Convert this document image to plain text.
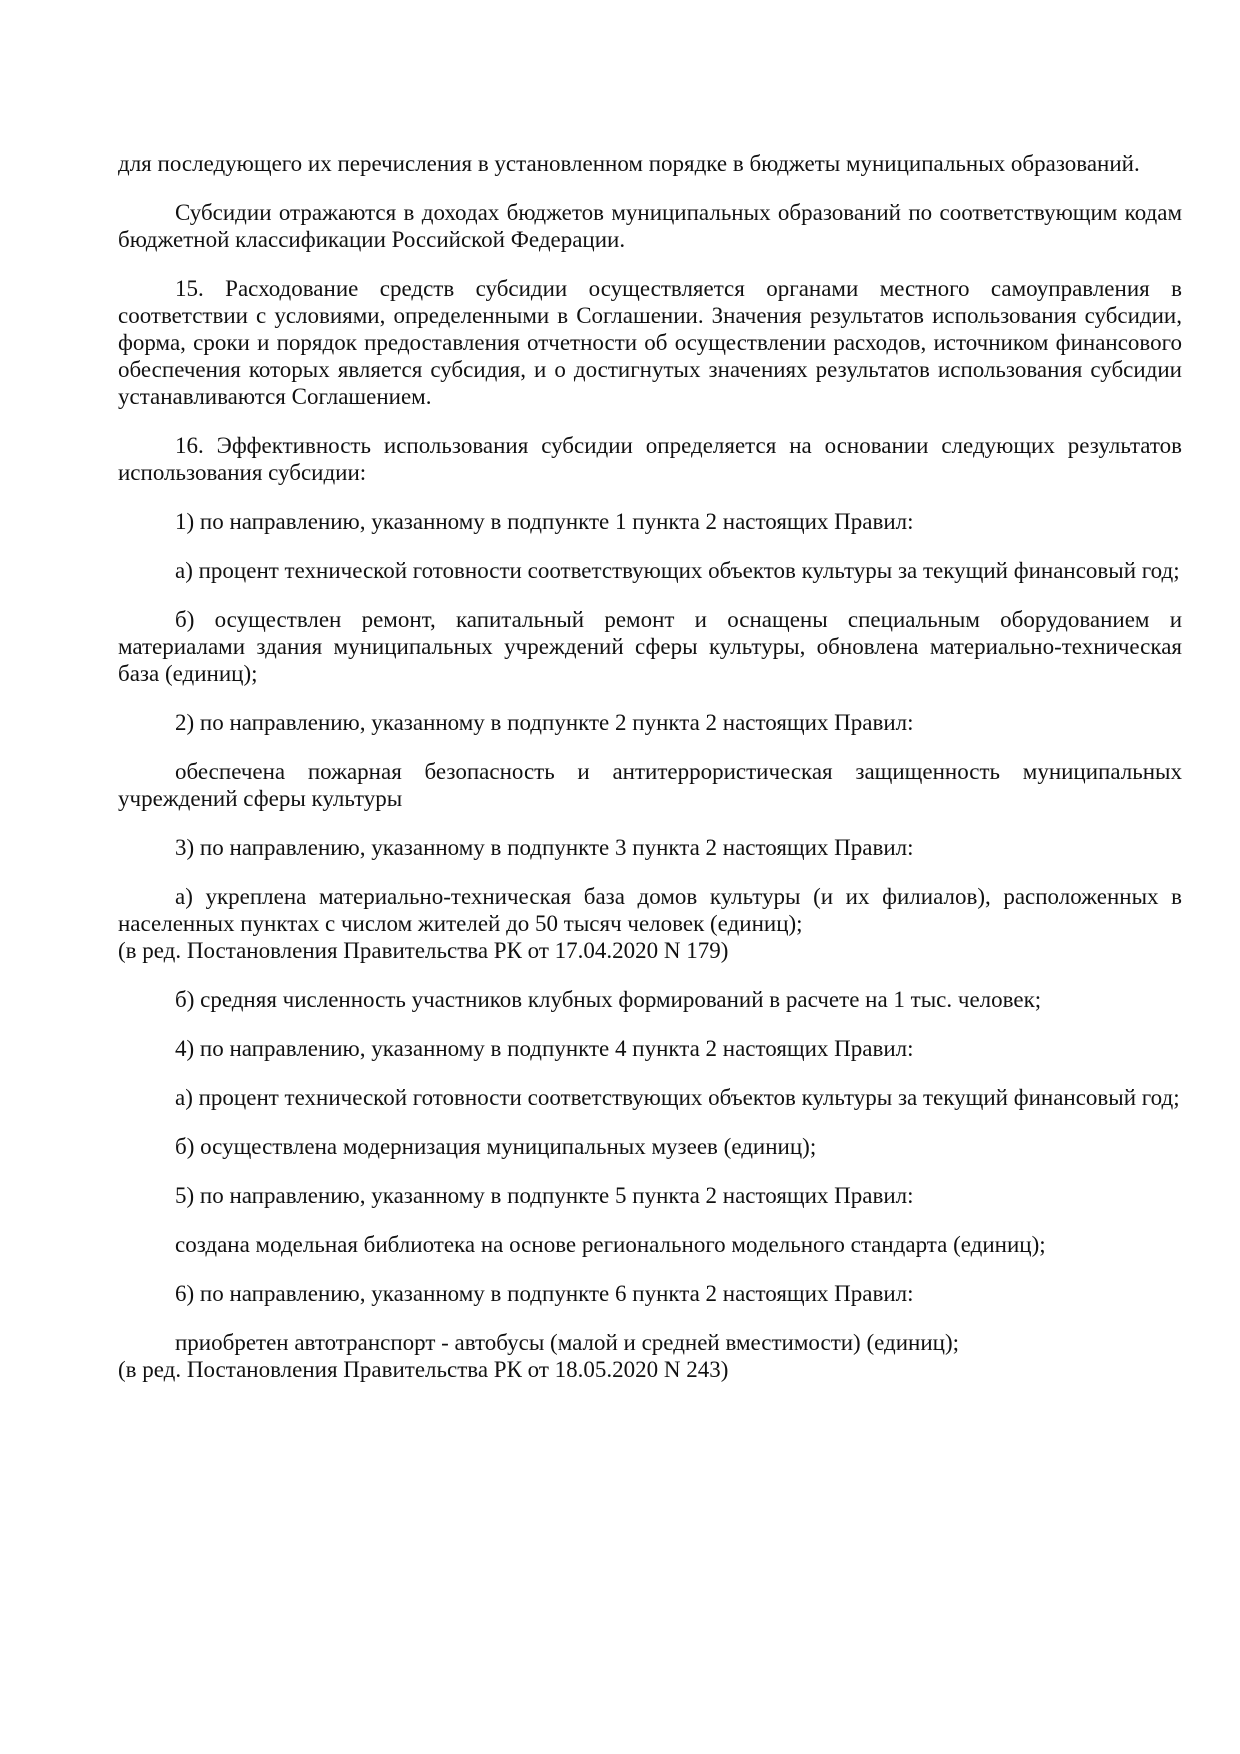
для последующего их перечисления в установленном порядке в бюджеты муниципальных образований.

Субсидии отражаются в доходах бюджетов муниципальных образований по соответствующим кодам бюджетной классификации Российской Федерации.

15. Расходование средств субсидии осуществляется органами местного самоуправления в соответствии с условиями, определенными в Соглашении. Значения результатов использования субсидии, форма, сроки и порядок предоставления отчетности об осуществлении расходов, источником финансового обеспечения которых является субсидия, и о достигнутых значениях результатов использования субсидии устанавливаются Соглашением.

16. Эффективность использования субсидии определяется на основании следующих результатов использования субсидии:

1) по направлению, указанному в подпункте 1 пункта 2 настоящих Правил:

а) процент технической готовности соответствующих объектов культуры за текущий финансовый год;

б) осуществлен ремонт, капитальный ремонт и оснащены специальным оборудованием и материалами здания муниципальных учреждений сферы культуры, обновлена материально-техническая база (единиц);

2) по направлению, указанному в подпункте 2 пункта 2 настоящих Правил:

обеспечена пожарная безопасность и антитеррористическая защищенность муниципальных учреждений сферы культуры

3) по направлению, указанному в подпункте 3 пункта 2 настоящих Правил:

а) укреплена материально-техническая база домов культуры (и их филиалов), расположенных в населенных пунктах с числом жителей до 50 тысяч человек (единиц);
(в ред. Постановления Правительства РК от 17.04.2020 N 179)

б) средняя численность участников клубных формирований в расчете на 1 тыс. человек;

4) по направлению, указанному в подпункте 4 пункта 2 настоящих Правил:

а) процент технической готовности соответствующих объектов культуры за текущий финансовый год;

б) осуществлена модернизация муниципальных музеев (единиц);

5) по направлению, указанному в подпункте 5 пункта 2 настоящих Правил:

создана модельная библиотека на основе регионального модельного стандарта (единиц);

6) по направлению, указанному в подпункте 6 пункта 2 настоящих Правил:

приобретен автотранспорт - автобусы (малой и средней вместимости) (единиц);
(в ред. Постановления Правительства РК от 18.05.2020 N 243)
